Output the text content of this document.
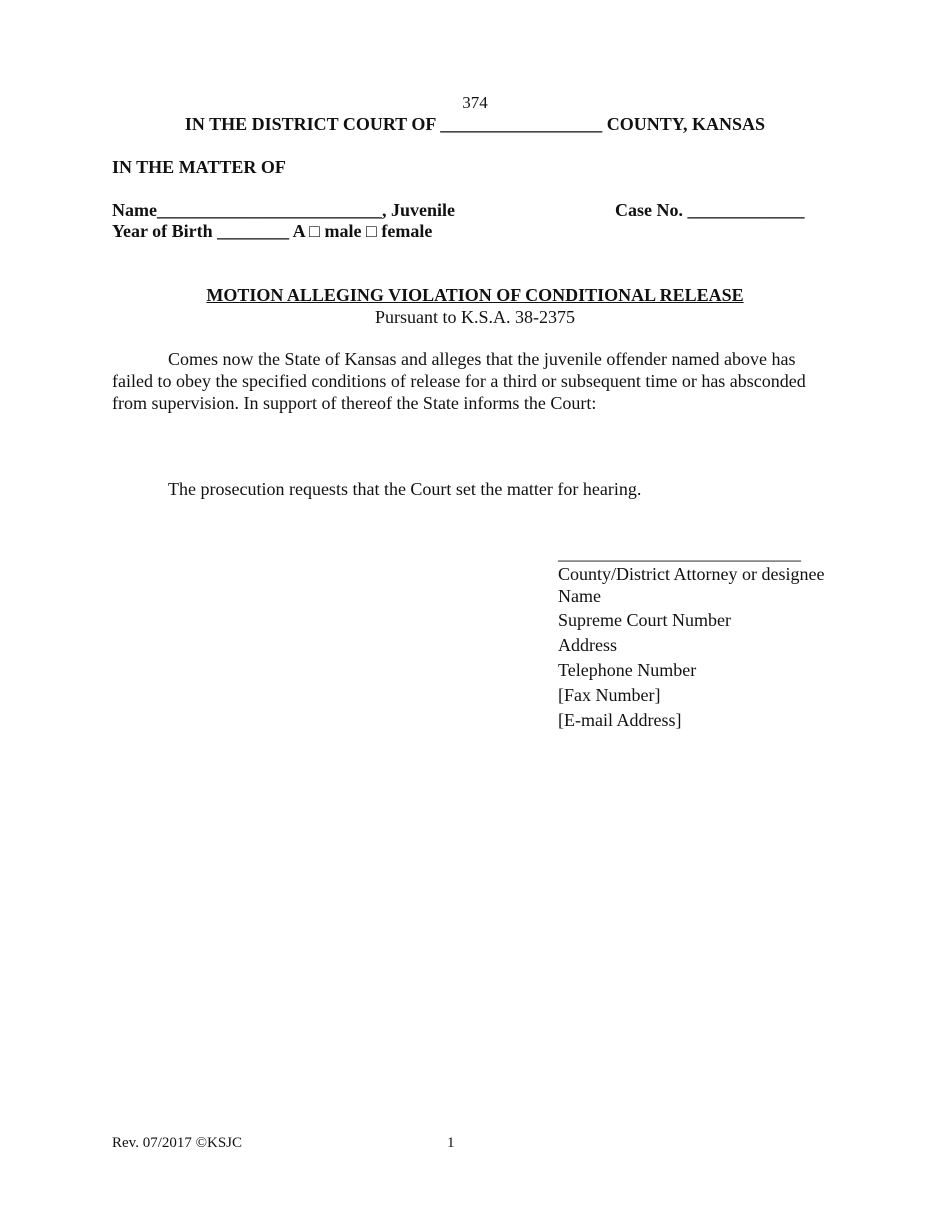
374
IN THE DISTRICT COURT OF __________________ COUNTY, KANSAS
IN THE MATTER OF
Name_________________________, Juvenile	Case No. _____________
Year of Birth ________ A □ male □ female
MOTION ALLEGING VIOLATION OF CONDITIONAL RELEASE
Pursuant to K.S.A. 38-2375
Comes now the State of Kansas and alleges that the juvenile offender named above has
failed to obey the specified conditions of release for a third or subsequent time or has absconded
from supervision. In support of thereof the State informs the Court:
The prosecution requests that the Court set the matter for hearing.
___________________________
County/District Attorney or designee
Name
Supreme Court Number
Address
Telephone Number
[Fax Number]
[E-mail Address]
Rev. 07/2017 ©KSJC	1
